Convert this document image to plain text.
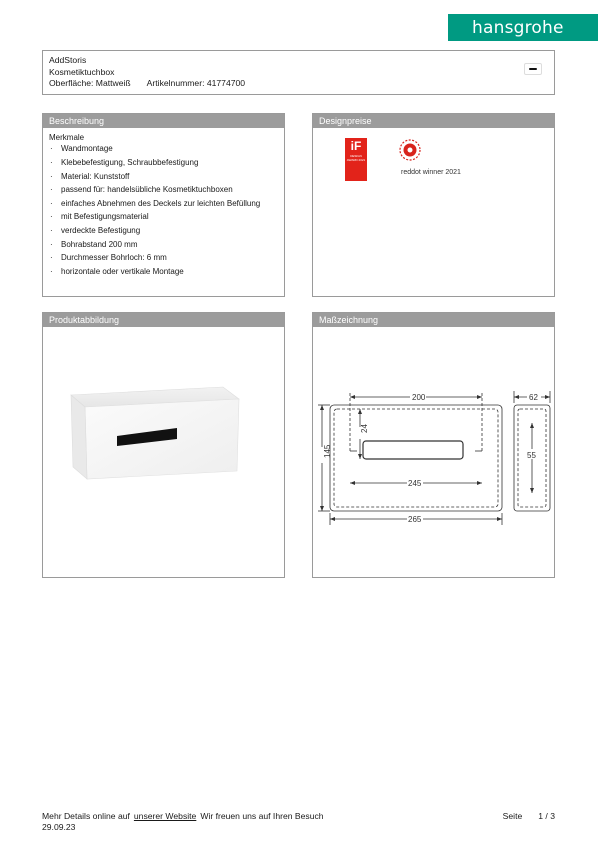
hansgrohe
AddStoris
Kosmetiktuchbox
Oberfläche: Mattweiß Artikelnummer: 41774700
Beschreibung
Merkmale
· Wandmontage
· Klebebefestigung, Schraubbefestigung
· Material: Kunststoff
· passend für: handelsübliche Kosmetiktuchboxen
· einfaches Abnehmen des Deckels zur leichten Befüllung
· mit Befestigungsmaterial
· verdeckte Befestigung
· Bohrabstand 200 mm
· Durchmesser Bohrloch: 6 mm
· horizontale oder vertikale Montage
Designpreise
iF
DESIGN AWARD 2021
reddot winner 2021
Produktabbildung	Maßzeichnung
200	62
145
24
55
245
265
Mehr Details online auf unserer Website Wir freuen uns auf Ihren Besuch
29.09.23
Seite 1 / 3
